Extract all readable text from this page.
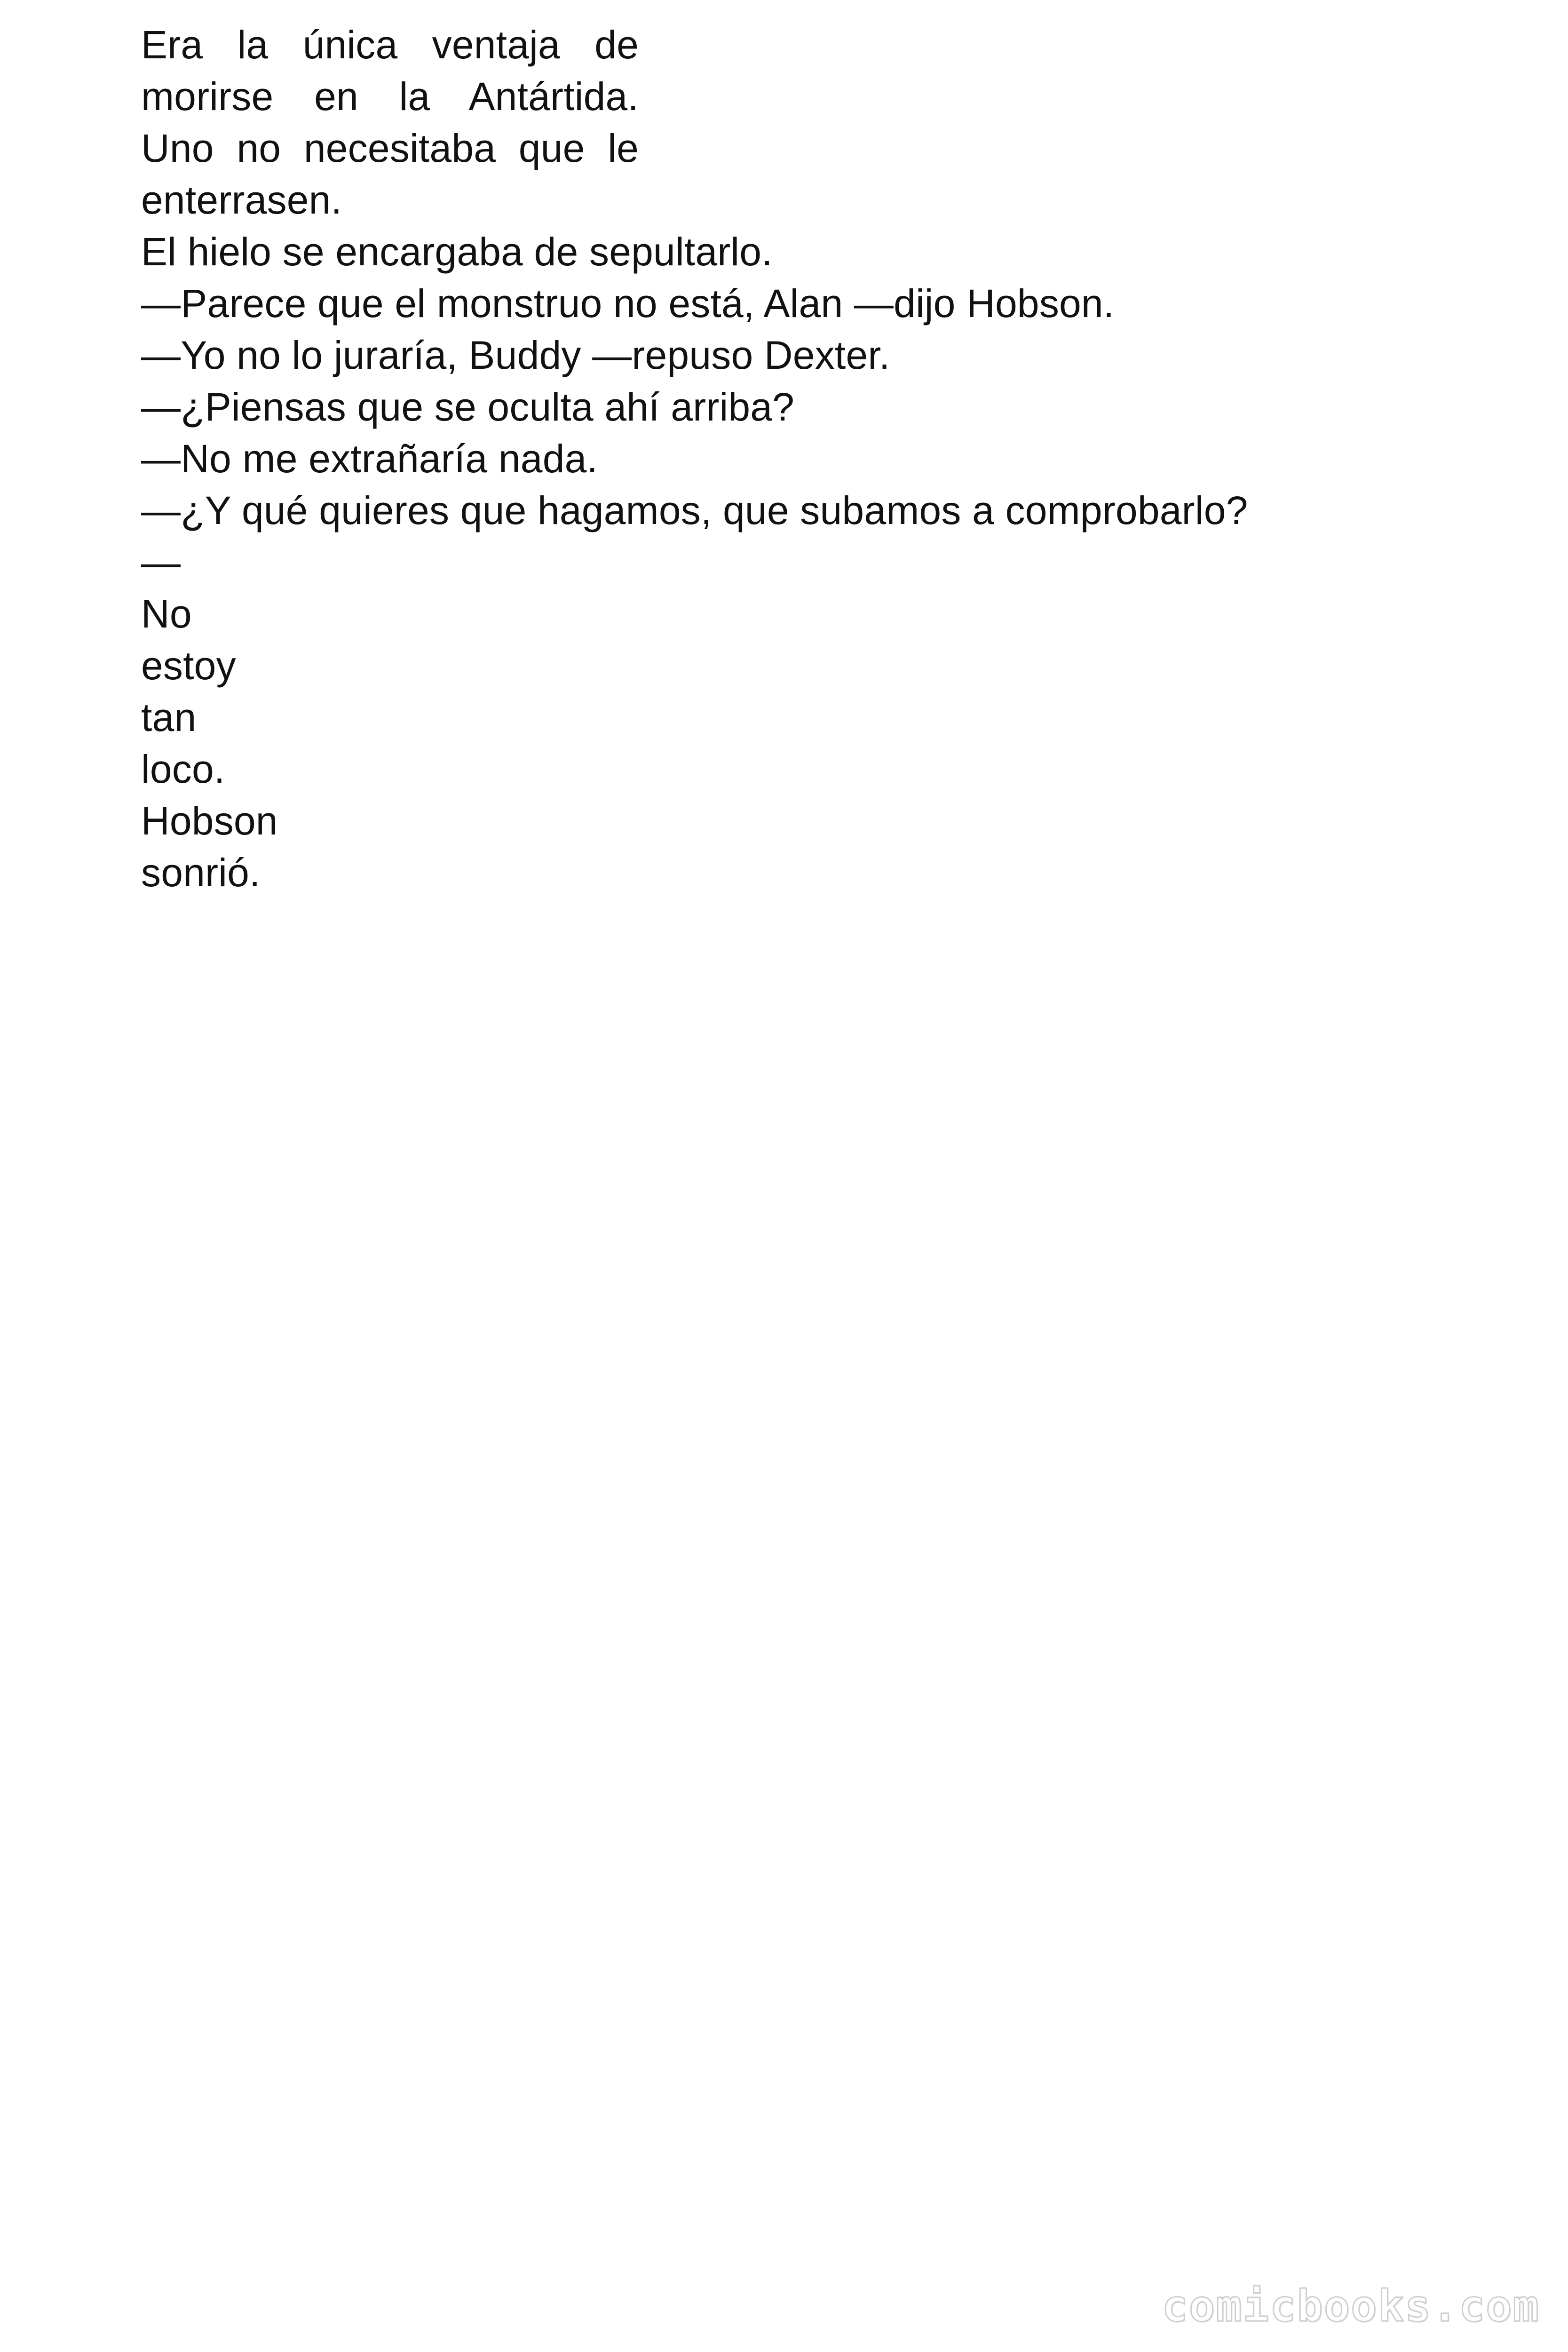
Era la única ventaja de
morirse en la Antártida.
Uno no necesitaba que le
enterrasen.
El hielo se encargaba de sepultarlo.
—Parece que el monstruo no está, Alan —dijo Hobson.
—Yo no lo juraría, Buddy —repuso Dexter.
—¿Piensas que se oculta ahí arriba?
—No me extrañaría nada.
—¿Y qué quieres que hagamos, que subamos a comprobarlo?
—
No
estoy
tan
loco.
Hobson
sonrió.
comicbooks.com
